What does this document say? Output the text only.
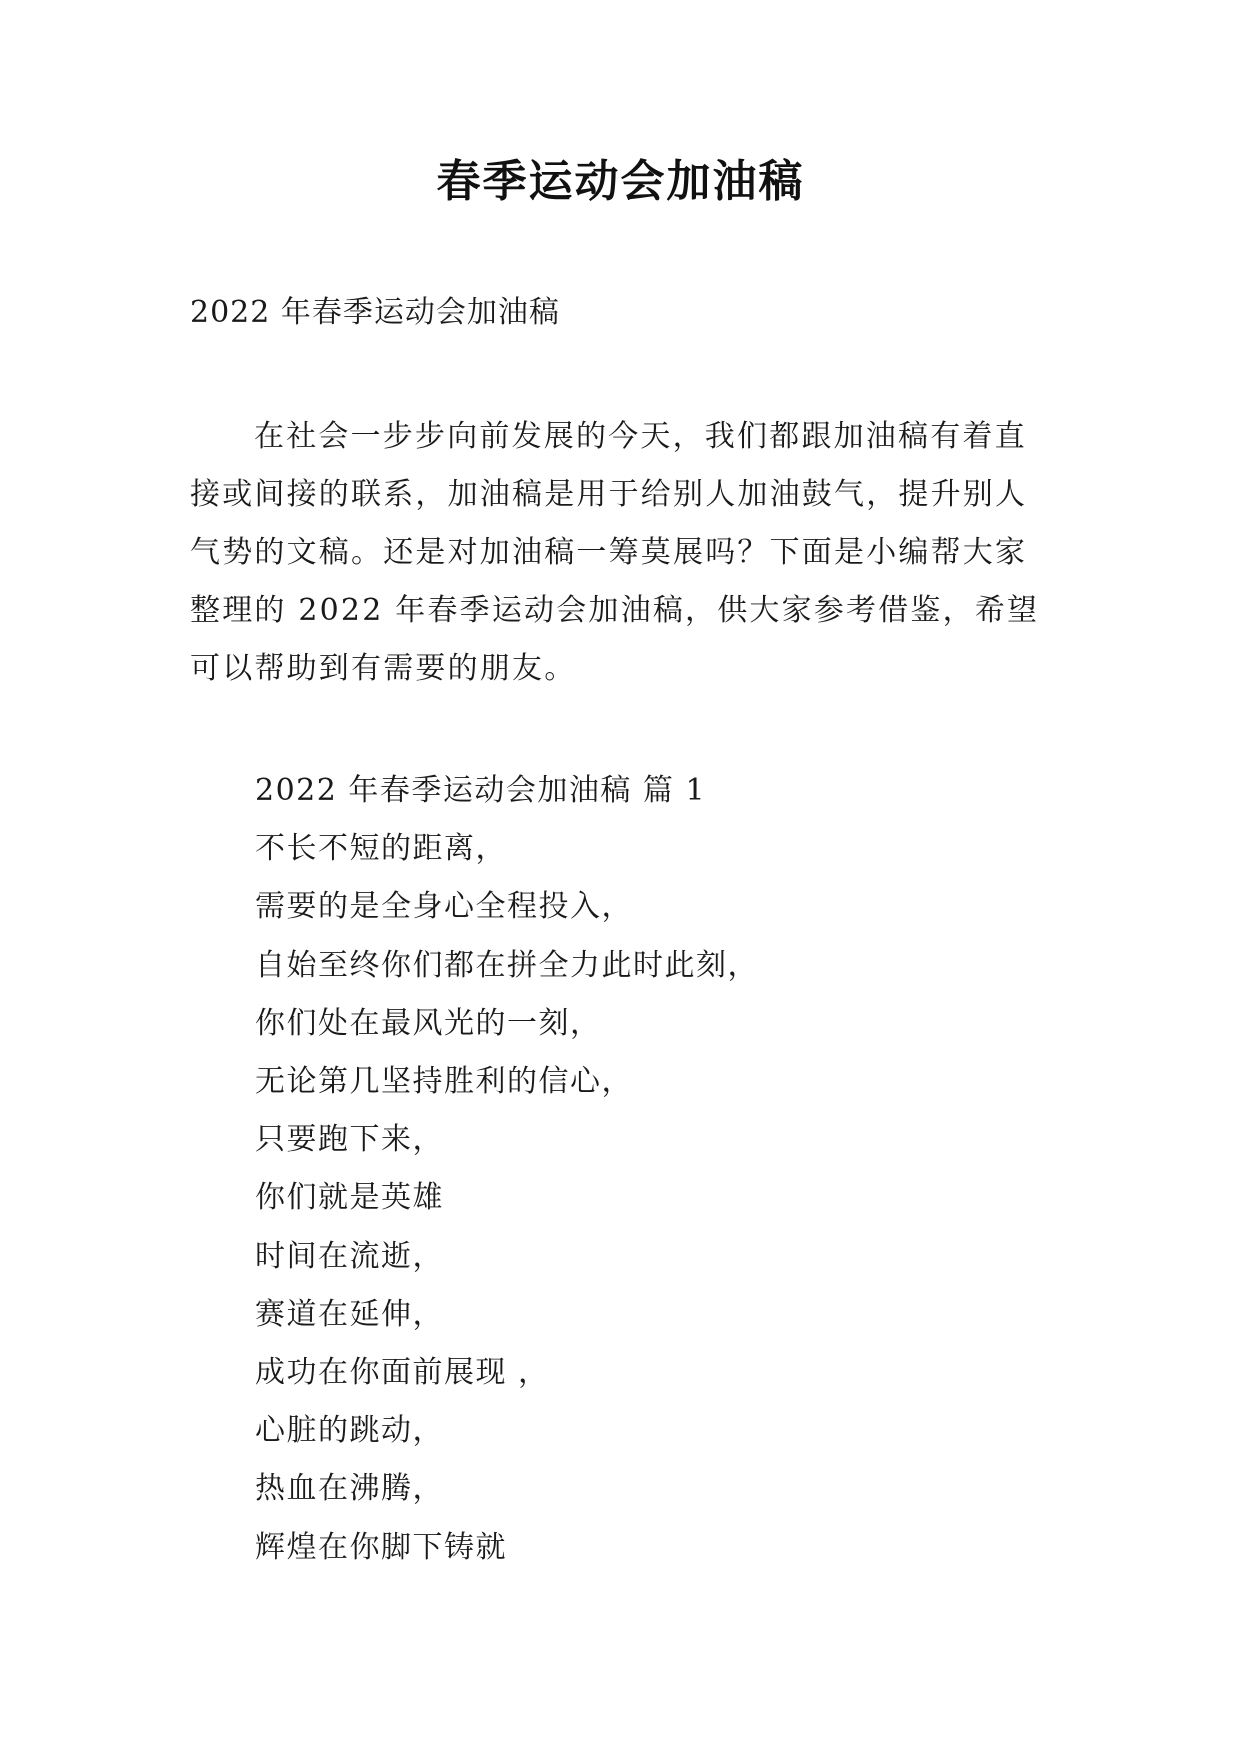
春季运动会加油稿
2022 年春季运动会加油稿
在社会一步步向前发展的今天，我们都跟加油稿有着直
接或间接的联系，加油稿是用于给别人加油鼓气，提升别人
气势的文稿。还是对加油稿一筹莫展吗？下面是小编帮大家
整理的 2022 年春季运动会加油稿，供大家参考借鉴，希望
可以帮助到有需要的朋友。
2022 年春季运动会加油稿 篇 1
不长不短的距离，
需要的是全身心全程投入，
自始至终你们都在拼全力此时此刻，
你们处在最风光的一刻，
无论第几坚持胜利的信心，
只要跑下来，
你们就是英雄
时间在流逝，
赛道在延伸，
成功在你面前展现 ，
心脏的跳动，
热血在沸腾，
辉煌在你脚下铸就
